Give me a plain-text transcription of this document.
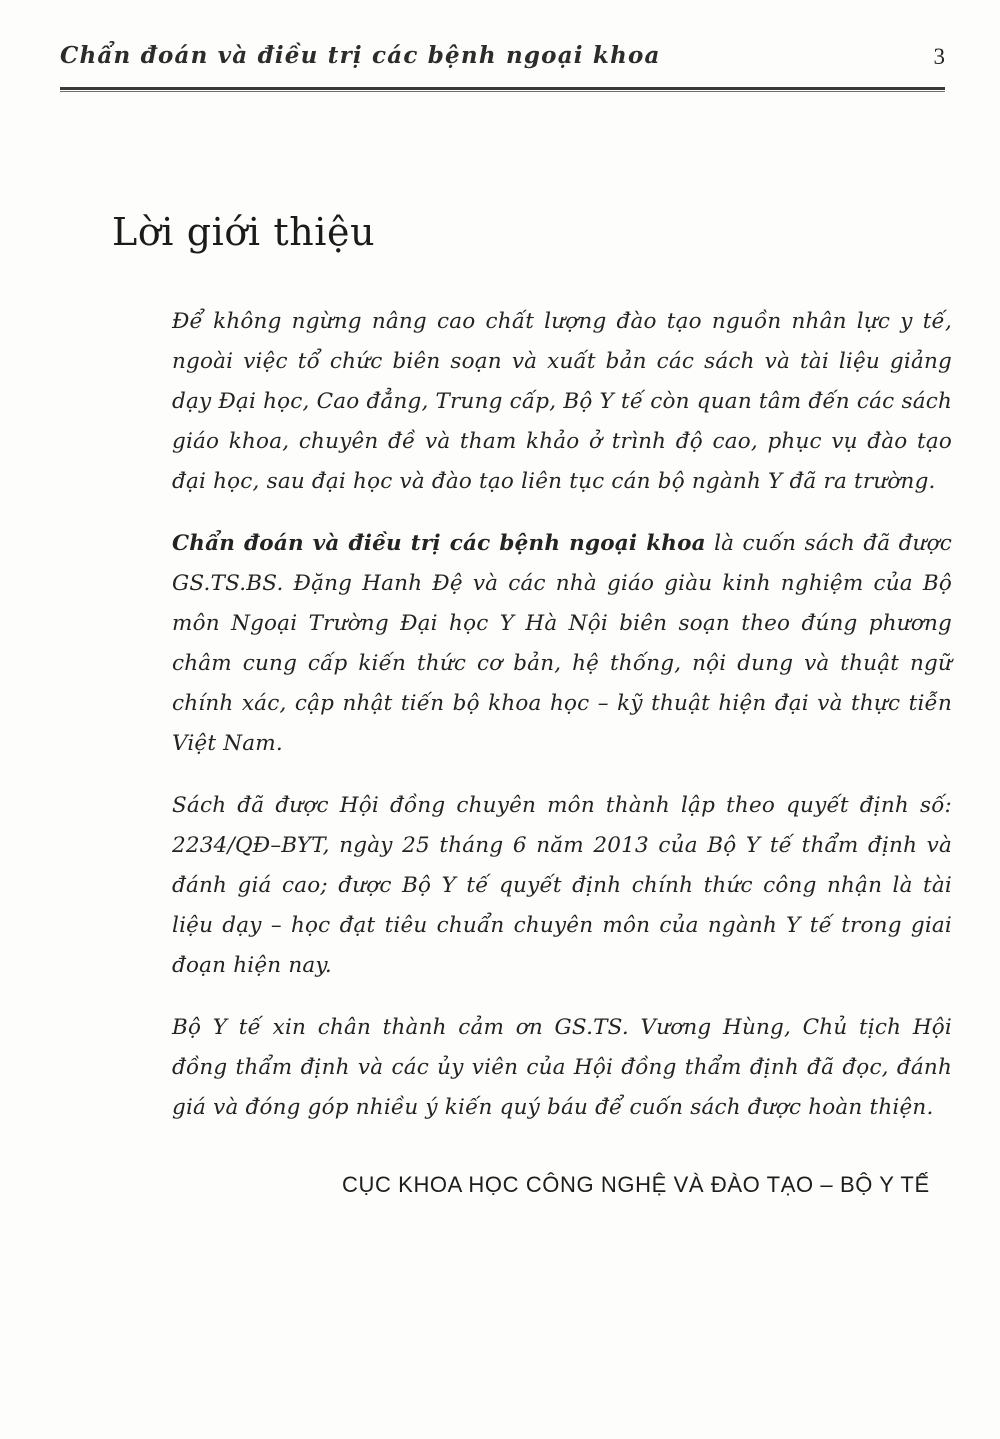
Chẩn đoán và điều trị các bệnh ngoại khoa	3
Lời giới thiệu

Để không ngừng nâng cao chất lượng đào tạo nguồn nhân lực y tế, ngoài việc tổ chức biên soạn và xuất bản các sách và tài liệu giảng dạy Đại học, Cao đẳng, Trung cấp, Bộ Y tế còn quan tâm đến các sách giáo khoa, chuyên đề và tham khảo ở trình độ cao, phục vụ đào tạo đại học, sau đại học và đào tạo liên tục cán bộ ngành Y đã ra trường.

Chẩn đoán và điều trị các bệnh ngoại khoa là cuốn sách đã được GS.TS.BS. Đặng Hanh Đệ và các nhà giáo giàu kinh nghiệm của Bộ môn Ngoại Trường Đại học Y Hà Nội biên soạn theo đúng phương châm cung cấp kiến thức cơ bản, hệ thống, nội dung và thuật ngữ chính xác, cập nhật tiến bộ khoa học – kỹ thuật hiện đại và thực tiễn Việt Nam.

Sách đã được Hội đồng chuyên môn thành lập theo quyết định số: 2234/QĐ–BYT, ngày 25 tháng 6 năm 2013 của Bộ Y tế thẩm định và đánh giá cao; được Bộ Y tế quyết định chính thức công nhận là tài liệu dạy – học đạt tiêu chuẩn chuyên môn của ngành Y tế trong giai đoạn hiện nay.

Bộ Y tế xin chân thành cảm ơn GS.TS. Vương Hùng, Chủ tịch Hội đồng thẩm định và các ủy viên của Hội đồng thẩm định đã đọc, đánh giá và đóng góp nhiều ý kiến quý báu để cuốn sách được hoàn thiện.

CỤC KHOA HỌC CÔNG NGHỆ VÀ ĐÀO TẠO – BỘ Y TẾ
